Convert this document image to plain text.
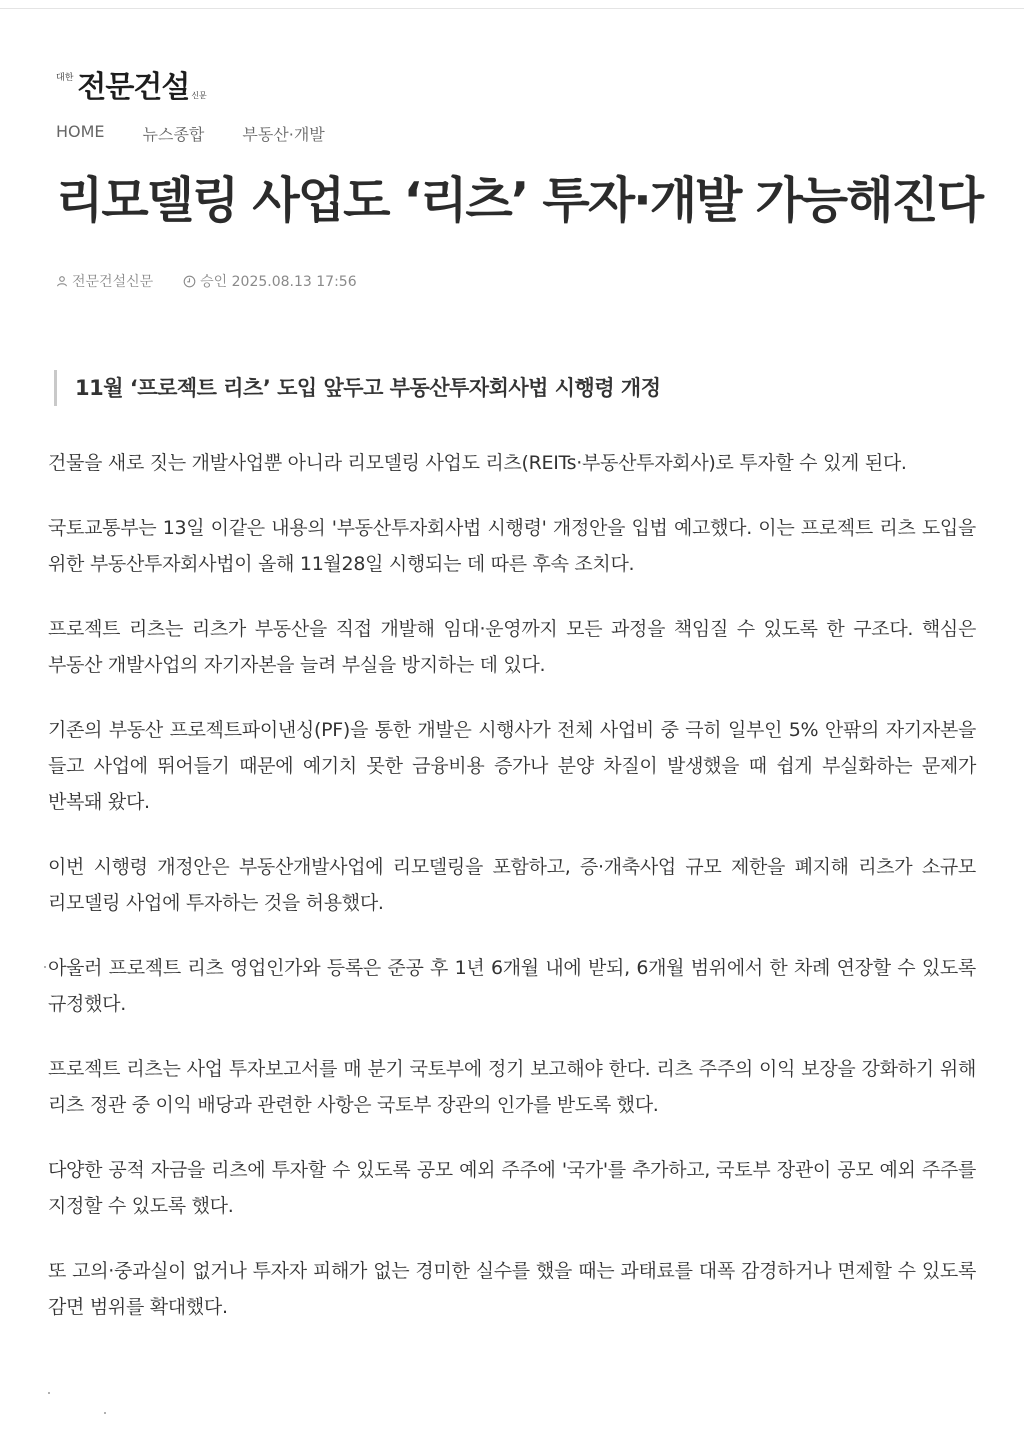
대한 전문건설 신문
HOME 뉴스종합 부동산·개발
리모델링 사업도 ‘리츠’ 투자·개발 가능해진다
전문건설신문	승인 2025.08.13 17:56
11월 ‘프로젝트 리츠’ 도입 앞두고 부동산투자회사법 시행령 개정

건물을 새로 짓는 개발사업뿐 아니라 리모델링 사업도 리츠(REITs·부동산투자회사)로 투자할 수 있게 된다.

국토교통부는 13일 이같은 내용의 '부동산투자회사법 시행령' 개정안을 입법 예고했다. 이는 프로젝트 리츠 도입을 위한 부동산투자회사법이 올해 11월28일 시행되는 데 따른 후속 조치다.

프로젝트 리츠는 리츠가 부동산을 직접 개발해 임대·운영까지 모든 과정을 책임질 수 있도록 한 구조다. 핵심은 부동산 개발사업의 자기자본을 늘려 부실을 방지하는 데 있다.

기존의 부동산 프로젝트파이낸싱(PF)을 통한 개발은 시행사가 전체 사업비 중 극히 일부인 5% 안팎의 자기자본을 들고 사업에 뛰어들기 때문에 예기치 못한 금융비용 증가나 분양 차질이 발생했을 때 쉽게 부실화하는 문제가 반복돼 왔다.

이번 시행령 개정안은 부동산개발사업에 리모델링을 포함하고, 증·개축사업 규모 제한을 폐지해 리츠가 소규모 리모델링 사업에 투자하는 것을 허용했다.

아울러 프로젝트 리츠 영업인가와 등록은 준공 후 1년 6개월 내에 받되, 6개월 범위에서 한 차례 연장할 수 있도록 규정했다.

프로젝트 리츠는 사업 투자보고서를 매 분기 국토부에 정기 보고해야 한다. 리츠 주주의 이익 보장을 강화하기 위해 리츠 정관 중 이익 배당과 관련한 사항은 국토부 장관의 인가를 받도록 했다.

다양한 공적 자금을 리츠에 투자할 수 있도록 공모 예외 주주에 '국가'를 추가하고, 국토부 장관이 공모 예외 주주를 지정할 수 있도록 했다.

또 고의·중과실이 없거나 투자자 피해가 없는 경미한 실수를 했을 때는 과태료를 대폭 감경하거나 면제할 수 있도록 감면 범위를 확대했다.
